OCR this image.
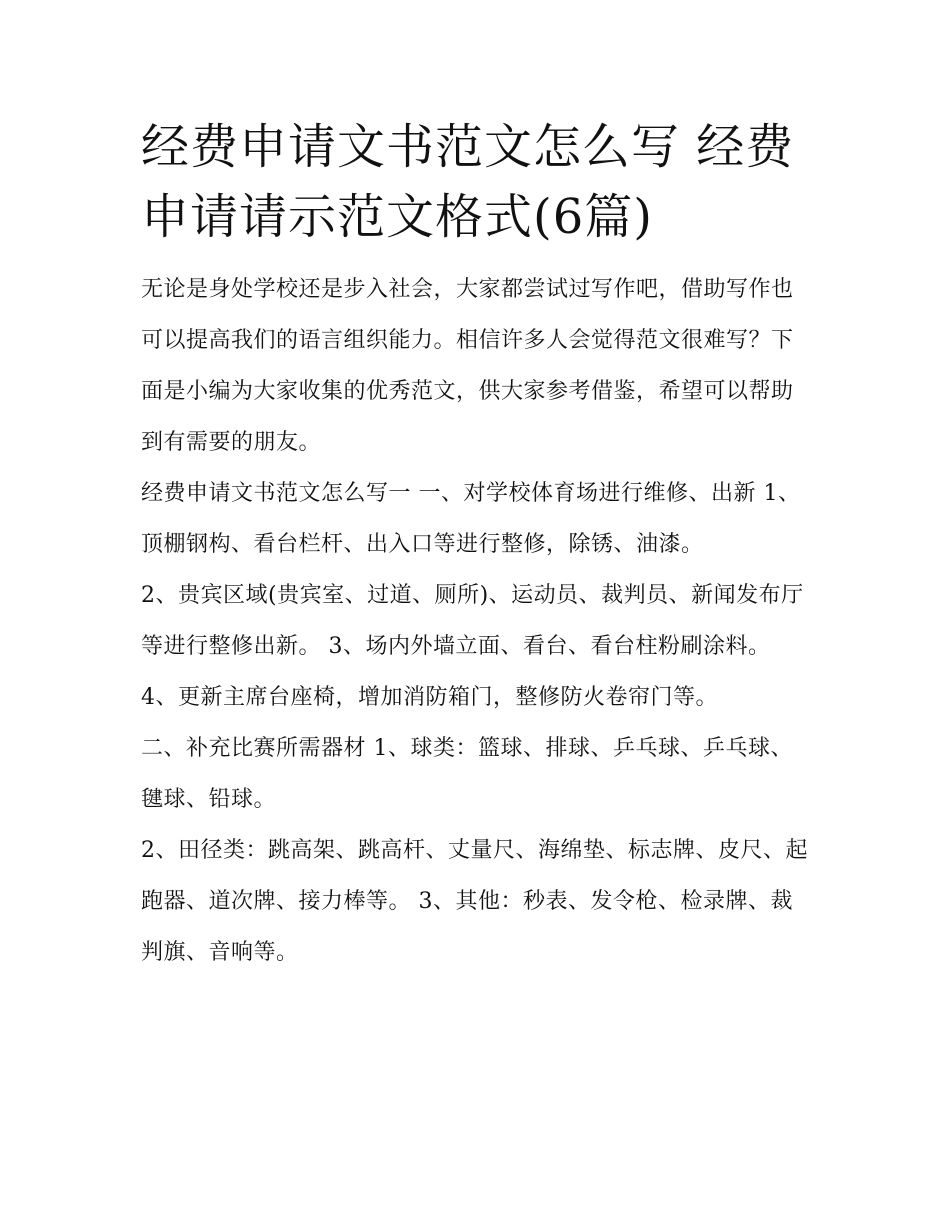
经费申请文书范文怎么写 经费申请请示范文格式(6篇)

无论是身处学校还是步入社会，大家都尝试过写作吧，借助写作也可以提高我们的语言组织能力。相信许多人会觉得范文很难写？下面是小编为大家收集的优秀范文，供大家参考借鉴，希望可以帮助到有需要的朋友。

经费申请文书范文怎么写一 一、对学校体育场进行维修、出新 1、顶棚钢构、看台栏杆、出入口等进行整修，除锈、油漆。

2、贵宾区域(贵宾室、过道、厕所)、运动员、裁判员、新闻发布厅等进行整修出新。 3、场内外墙立面、看台、看台柱粉刷涂料。

4、更新主席台座椅，增加消防箱门，整修防火卷帘门等。

二、补充比赛所需器材 1、球类：篮球、排球、乒乓球、乒乓球、毽球、铅球。

2、田径类：跳高架、跳高杆、丈量尺、海绵垫、标志牌、皮尺、起跑器、道次牌、接力棒等。 3、其他：秒表、发令枪、检录牌、裁判旗、音响等。
